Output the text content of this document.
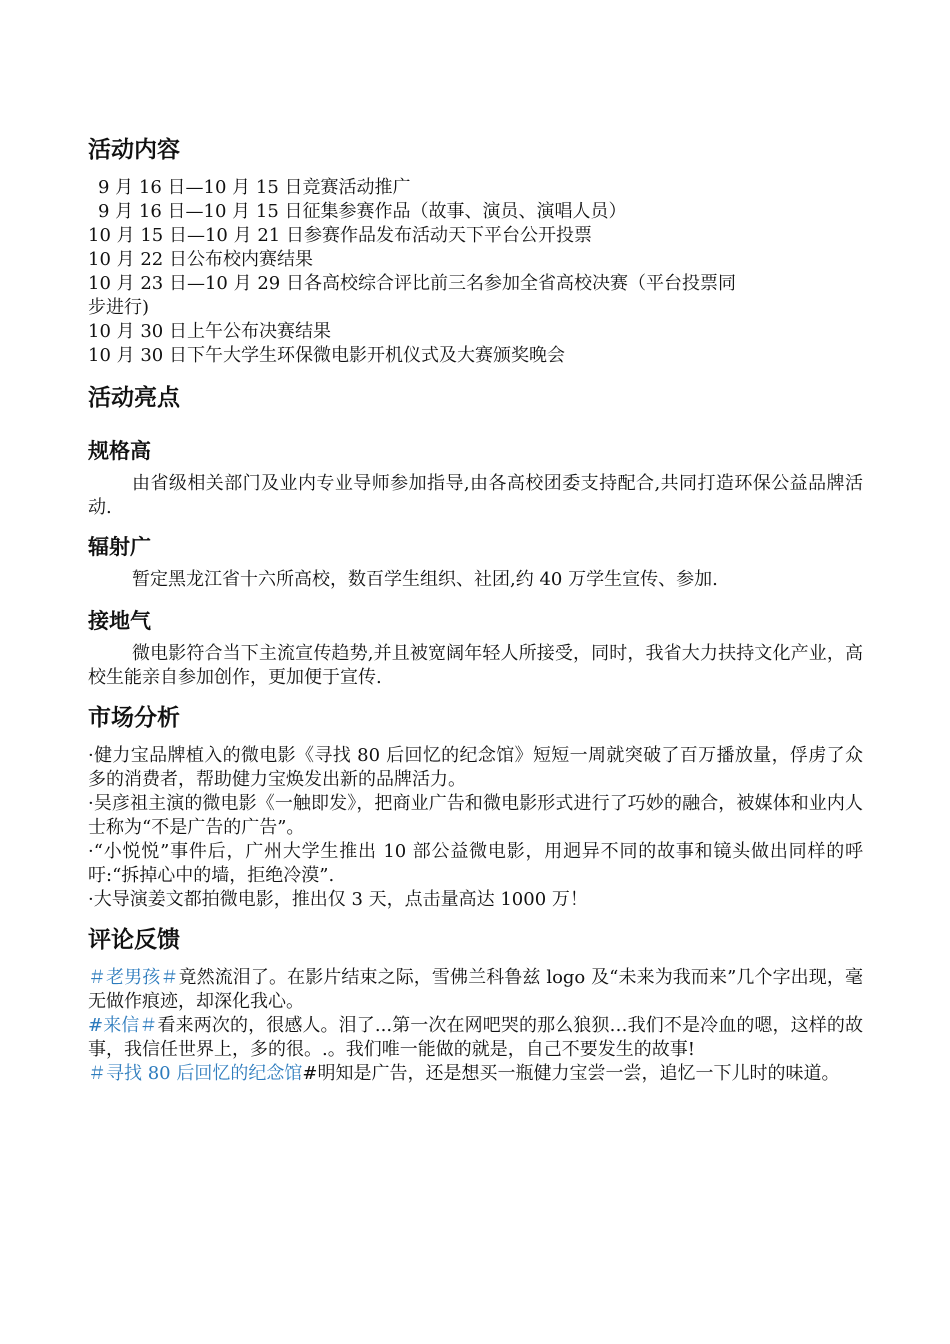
活动内容

9 月 16 日—10 月 15 日竞赛活动推广

9 月 16 日—10 月 15 日征集参赛作品（故事、演员、演唱人员）

10 月 15 日—10 月 21 日参赛作品发布活动天下平台公开投票

10 月 22 日公布校内赛结果

10 月 23 日—10 月 29 日各高校综合评比前三名参加全省高校决赛（平台投票同

步进行)

10 月 30 日上午公布决赛结果

10 月 30 日下午大学生环保微电影开机仪式及大赛颁奖晚会

活动亮点
规格高

由省级相关部门及业内专业导师参加指导,由各高校团委支持配合,共同打造环保公益品牌活动.

辐射广

暂定黑龙江省十六所高校，数百学生组织、社团,约 40 万学生宣传、参加.

接地气

微电影符合当下主流宣传趋势,并且被宽阔年轻人所接受，同时，我省大力扶持文化产业，高校生能亲自参加创作，更加便于宣传.

市场分析

·健力宝品牌植入的微电影《寻找 80 后回忆的纪念馆》短短一周就突破了百万播放量，俘虏了众多的消费者，帮助健力宝焕发出新的品牌活力。

·吴彦祖主演的微电影《一触即发》，把商业广告和微电影形式进行了巧妙的融合，被媒体和业内人士称为“不是广告的广告”。

·“小悦悦”事件后，广州大学生推出 10 部公益微电影，用迥异不同的故事和镜头做出同样的呼吁:“拆掉心中的墙，拒绝冷漠”.

·大导演姜文都拍微电影，推出仅 3 天，点击量高达 1000 万！

评论反馈

＃老男孩＃竟然流泪了。在影片结束之际，雪佛兰科鲁兹 logo 及“未来为我而来”几个字出现，毫无做作痕迹，却深化我心。

#来信＃看来两次的，很感人。泪了...第一次在网吧哭的那么狼狈…我们不是冷血的嗯，这样的故事，我信任世界上，多的很。.。我们唯一能做的就是，自己不要发生的故事!

＃寻找 80 后回忆的纪念馆#明知是广告，还是想买一瓶健力宝尝一尝，追忆一下儿时的味道。
